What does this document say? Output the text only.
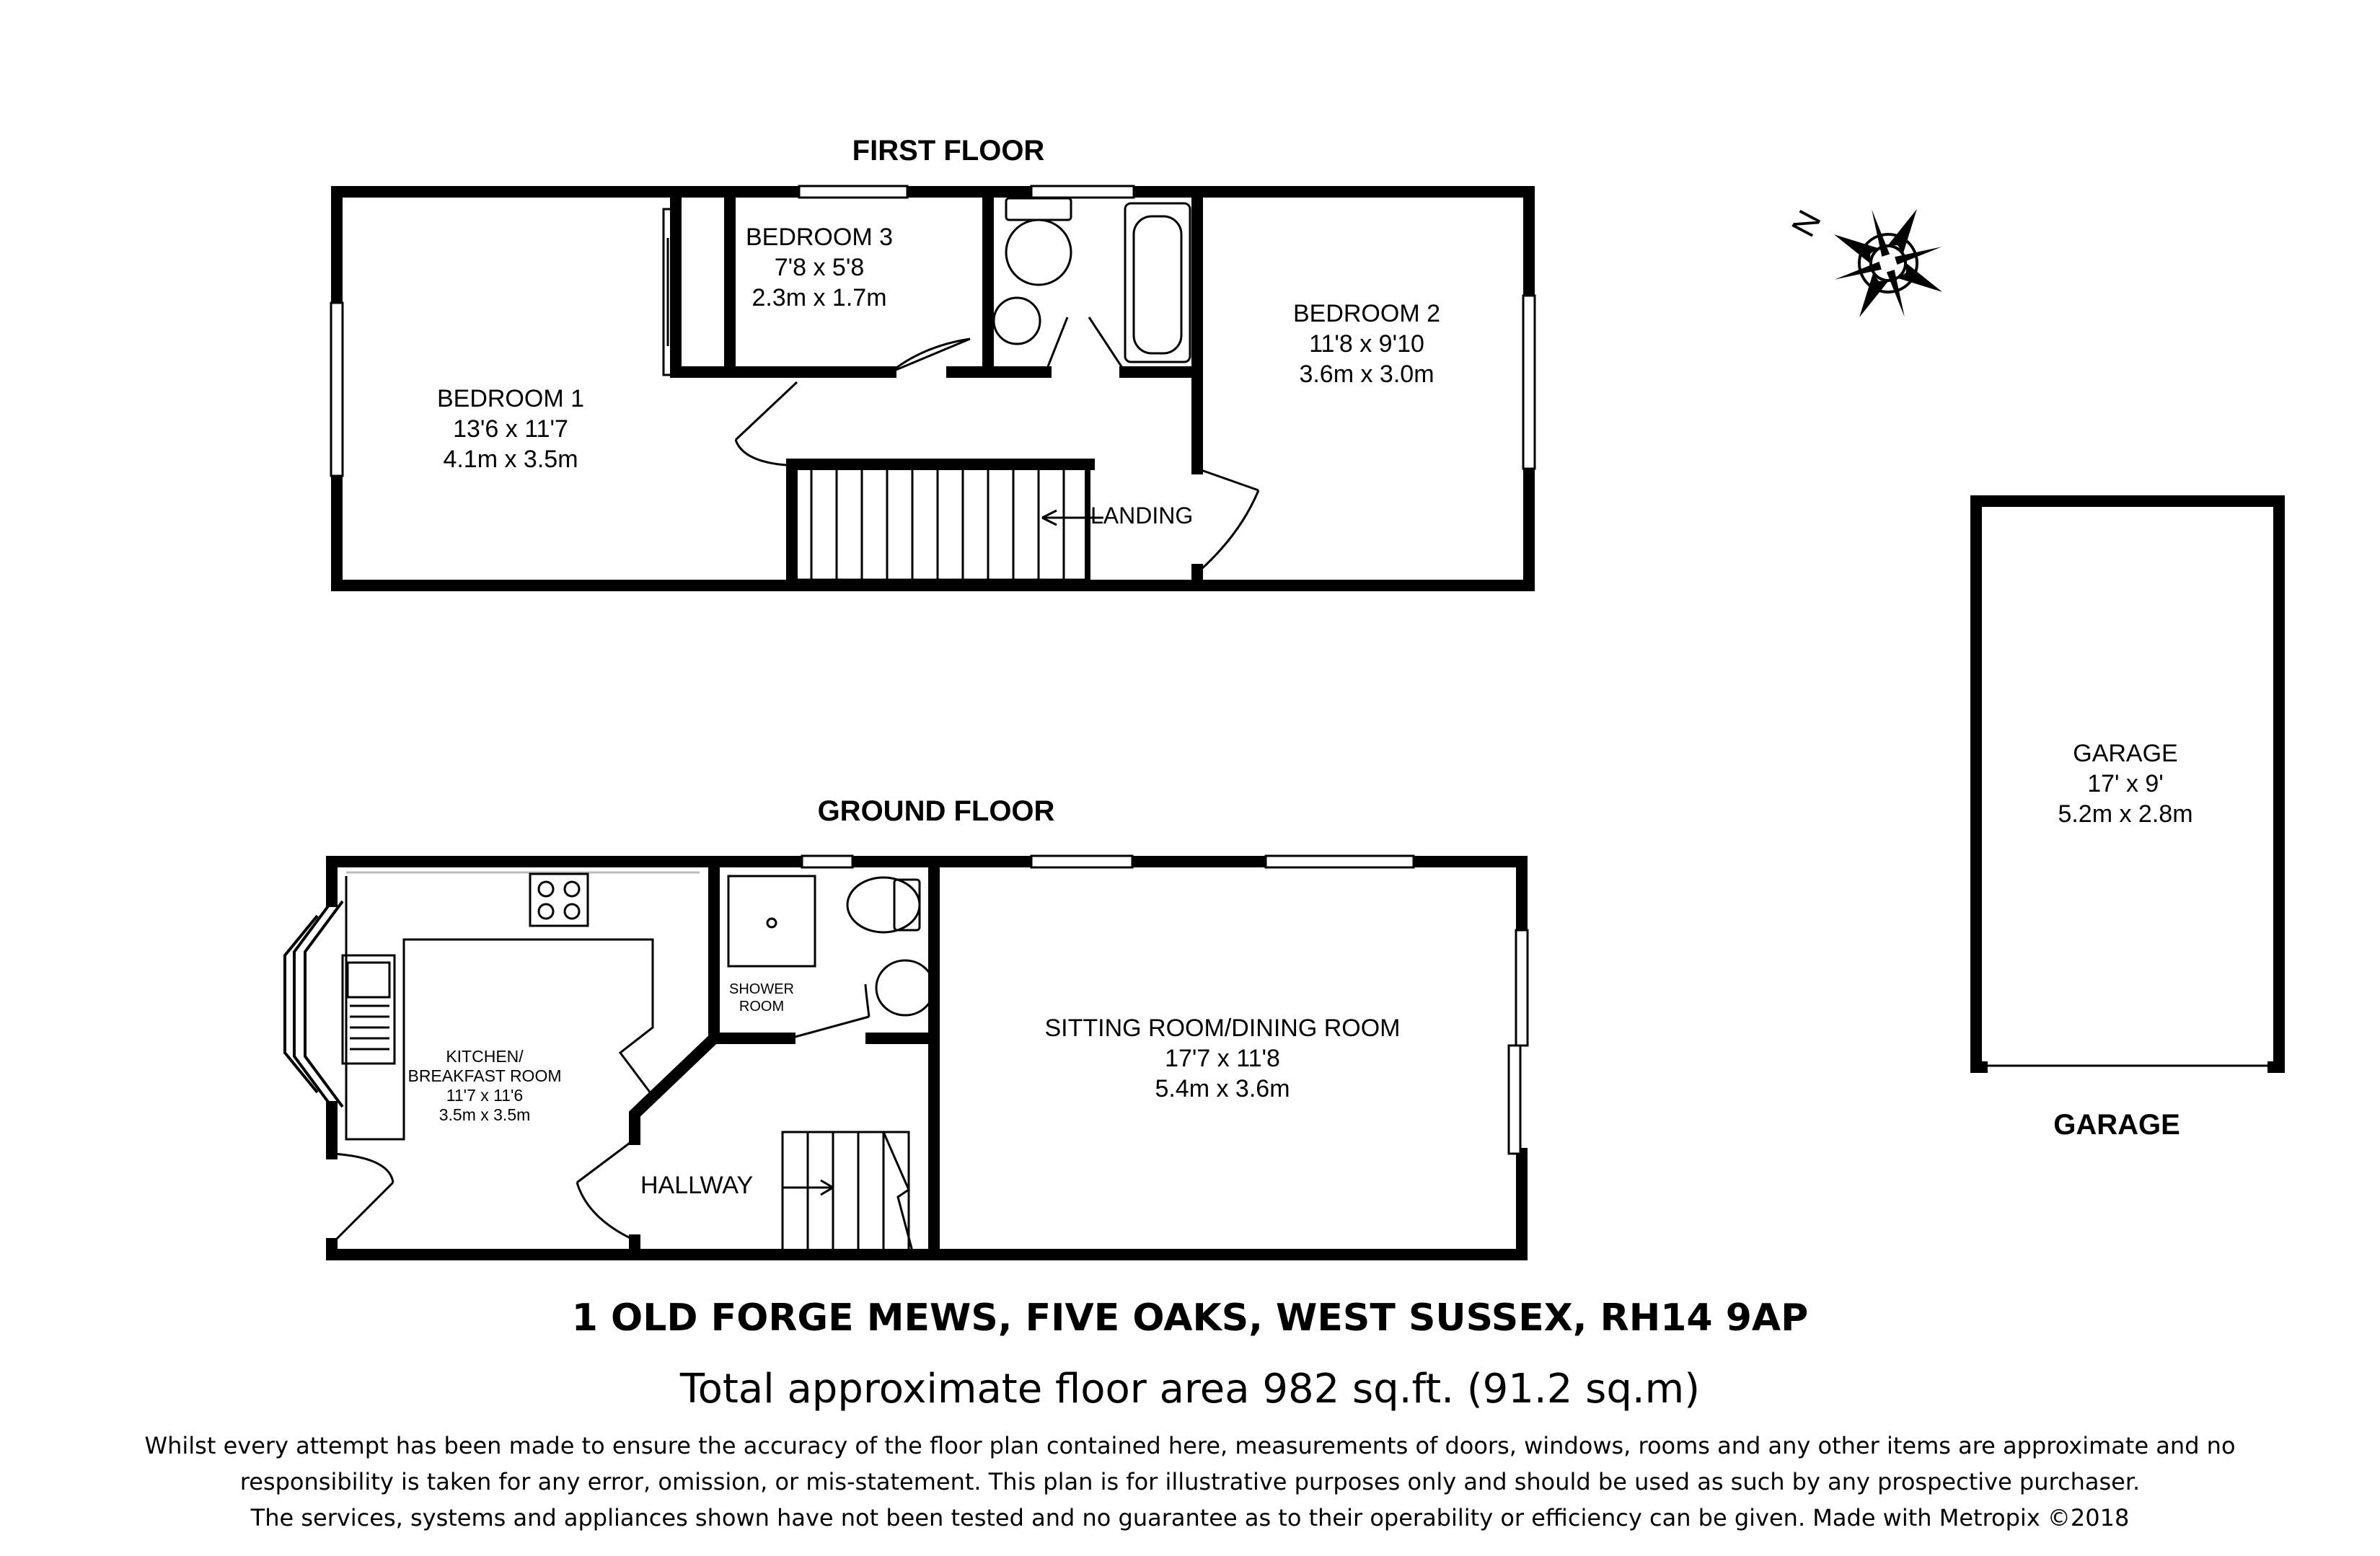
FIRST FLOOR
BEDROOM 1
13'6 x 11'7
4.1m x 3.5m
BEDROOM 3
7'8 x 5'8
2.3m x 1.7m
BEDROOM 2
11'8 x 9'10
3.6m x 3.0m
LANDING
N
GARAGE
17' x 9'
5.2m x 2.8m
GARAGE
GROUND FLOOR
KITCHEN/
BREAKFAST ROOM
11'7 x 11'6
3.5m x 3.5m
SHOWER
ROOM
SITTING ROOM/DINING ROOM
17'7 x 11'8
5.4m x 3.6m
HALLWAY
1 OLD FORGE MEWS, FIVE OAKS, WEST SUSSEX, RH14 9AP
Total approximate floor area 982 sq.ft. (91.2 sq.m)
Whilst every attempt has been made to ensure the accuracy of the floor plan contained here, measurements of doors, windows, rooms and any other items are approximate and no
responsibility is taken for any error, omission, or mis-statement. This plan is for illustrative purposes only and should be used as such by any prospective purchaser.
The services, systems and appliances shown have not been tested and no guarantee as to their operability or efficiency can be given. Made with Metropix ©2018
